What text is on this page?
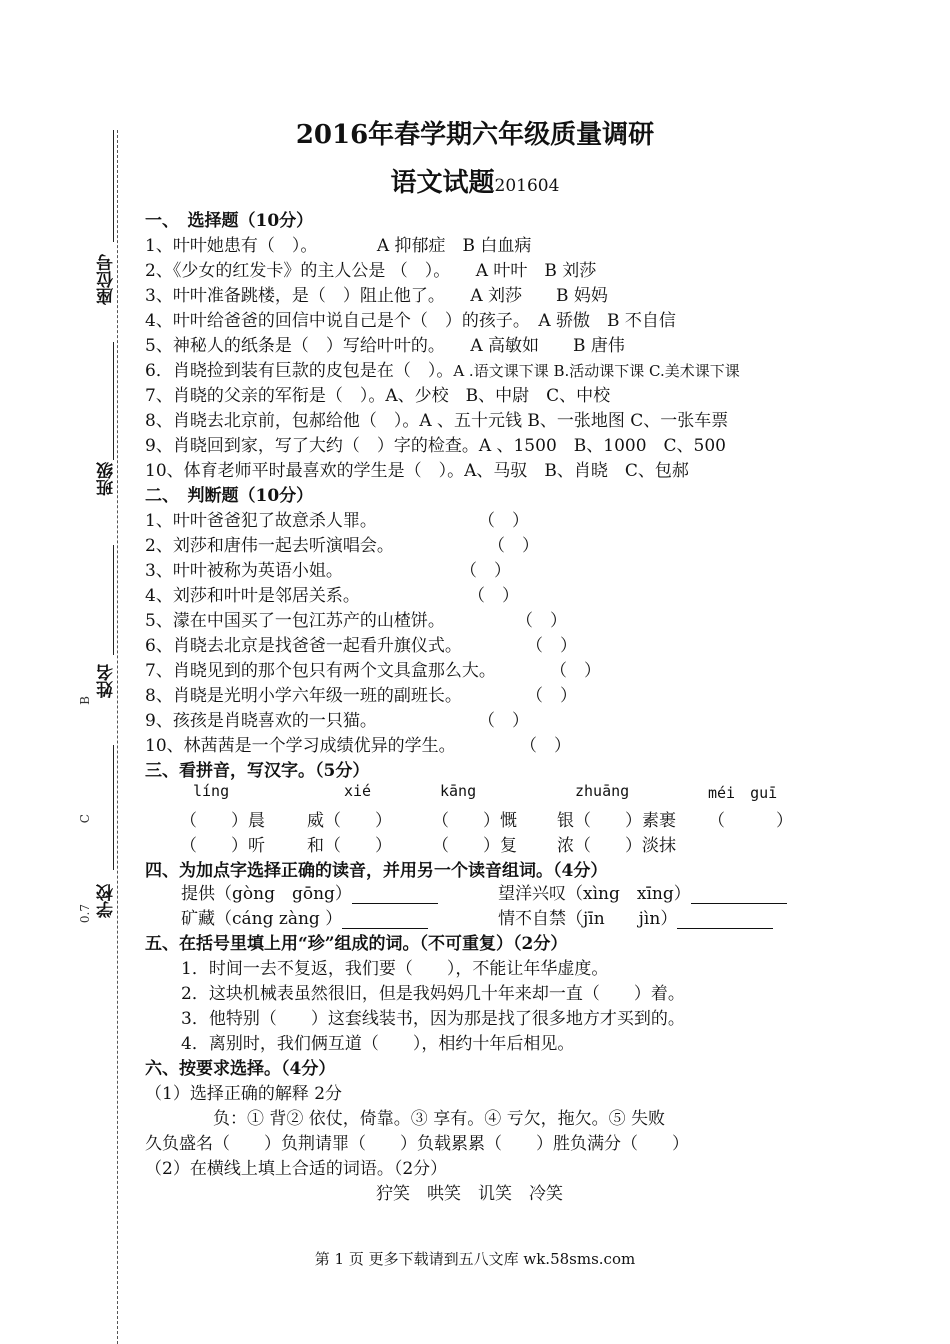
座位号
班级
姓名
学校
B
C
0.7
2016年春学期六年级质量调研
语文试题201604
一、　选择题（10分）
1、叶叶她患有（　）。　　　　A 抑郁症　B 白血病
2、《少女的红发卡》的主人公是 （　）。　　A 叶叶　B 刘莎
3、叶叶准备跳楼，是（　）阻止他了。　　A 刘莎　　B 妈妈
4、叶叶给爸爸的回信中说自己是个（　）的孩子。　A 骄傲　B 不自信
5、神秘人的纸条是（　）写给叶叶的。　　A 高敏如　　B 唐伟
6．肖晓捡到装有巨款的皮包是在（　）。A .语文课下课 B.活动课下课 C.美术课下课
7、肖晓的父亲的军衔是（　）。A、少校　B、中尉　C、中校
8、肖晓去北京前，包郝给他（　）。A 、五十元钱 B、一张地图 C、一张车票
9、肖晓回到家，写了大约（　）字的检查。A 、1500　B、1000　C、500
10、体育老师平时最喜欢的学生是（　）。A、马驭　B、肖晓　C、包郝
二、　判断题（10分）
1、叶叶爸爸犯了故意杀人罪。	（　）
2、刘莎和唐伟一起去听演唱会。	（　）
3、叶叶被称为英语小姐。	（　）
4、刘莎和叶叶是邻居关系。	（　）
5、濛在中国买了一包江苏产的山楂饼。	（　）
6、肖晓去北京是找爸爸一起看升旗仪式。	（　）
7、肖晓见到的那个包只有两个文具盒那么大。	（　）
8、肖晓是光明小学六年级一班的副班长。	（　）
9、孩孩是肖晓喜欢的一只猫。	（　）
10、林茜茜是一个学习成绩优异的学生。	（　）
三、看拼音，写汉字。（5分）
líng	xié	kāng	zhuāng	méi　guī
（　　）晨 威（　　） （　　）慨 银（　　）素裹 （　　　）
（　　）听 和（　　） （　　）复 浓（　　）淡抹
四、为加点字选择正确的读音，并用另一个读音组词。（4分）
提供（gòng　gōng）	望洋兴叹（xìng　xīng）
矿藏（cáng zàng ）	情不自禁（jīn　　jìn）
五、在括号里填上用“珍”组成的词。（不可重复）（2分）
1．时间一去不复返，我们要（　　），不能让年华虚度。
2．这块机械表虽然很旧，但是我妈妈几十年来却一直（　　）着。
3．他特别（　　）这套线装书，因为那是找了很多地方才买到的。
4．离别时，我们俩互道（　　），相约十年后相见。
六、按要求选择。（4分）
（1）选择正确的解释 2分
负：① 背② 依仗，倚靠。③ 享有。④ 亏欠，拖欠。⑤ 失败
久负盛名（　　）负荆请罪（　　）负载累累（　　）胜负满分（　　）
（2）在横线上填上合适的词语。（2分）
狞笑　哄笑　讥笑　冷笑
第 1 页 更多下载请到五八文库 wk.58sms.com
